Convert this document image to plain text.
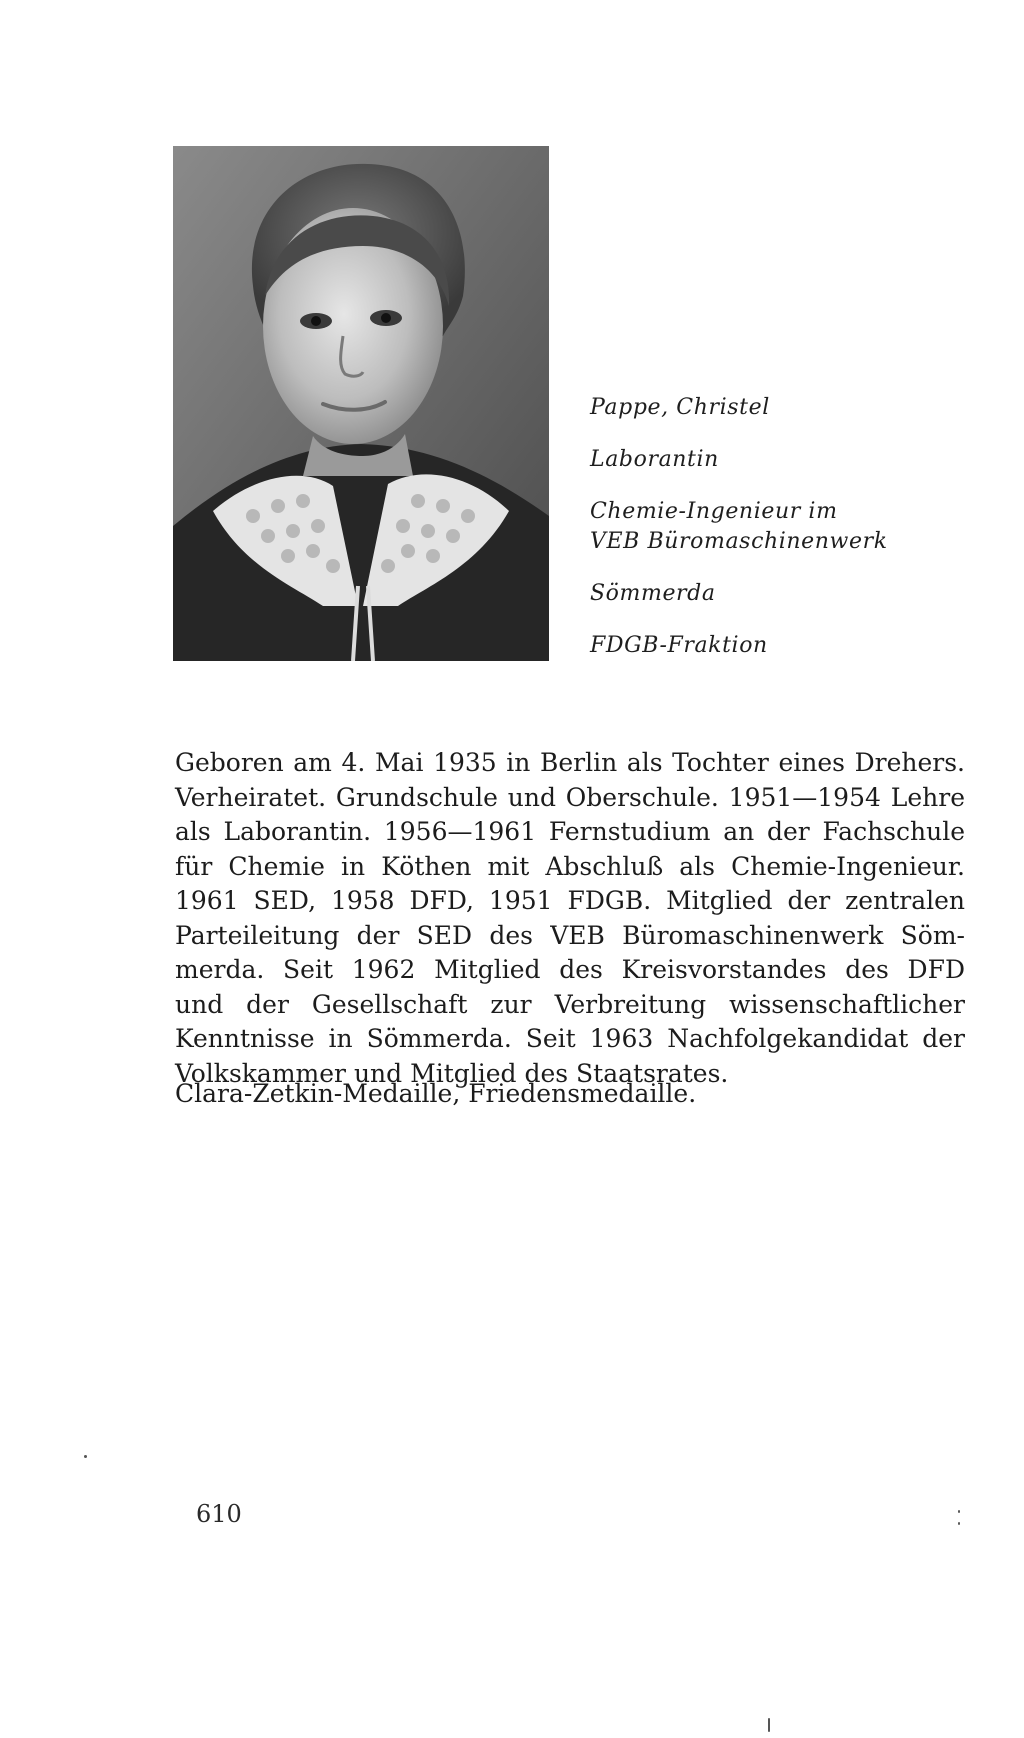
Pappe, Christel
Laborantin
Chemie-Ingenieur im
VEB Büromaschinenwerk
Sömmerda
FDGB-Fraktion
Geboren am 4. Mai 1935 in Berlin als Tochter eines Drehers.
Verheiratet. Grundschule und Oberschule. 1951—1954 Lehre
als Laborantin. 1956—1961 Fernstudium an der Fachschule
für Chemie in Köthen mit Abschluß als Chemie-Ingenieur.
1961 SED, 1958 DFD, 1951 FDGB. Mitglied der zentralen
Parteileitung der SED des VEB Büromaschinenwerk Söm-
merda. Seit 1962 Mitglied des Kreisvorstandes des DFD
und der Gesellschaft zur Verbreitung wissenschaftlicher
Kenntnisse in Sömmerda. Seit 1963 Nachfolgekandidat der
Volkskammer und Mitglied des Staatsrates.
Clara-Zetkin-Medaille, Friedensmedaille.
610
